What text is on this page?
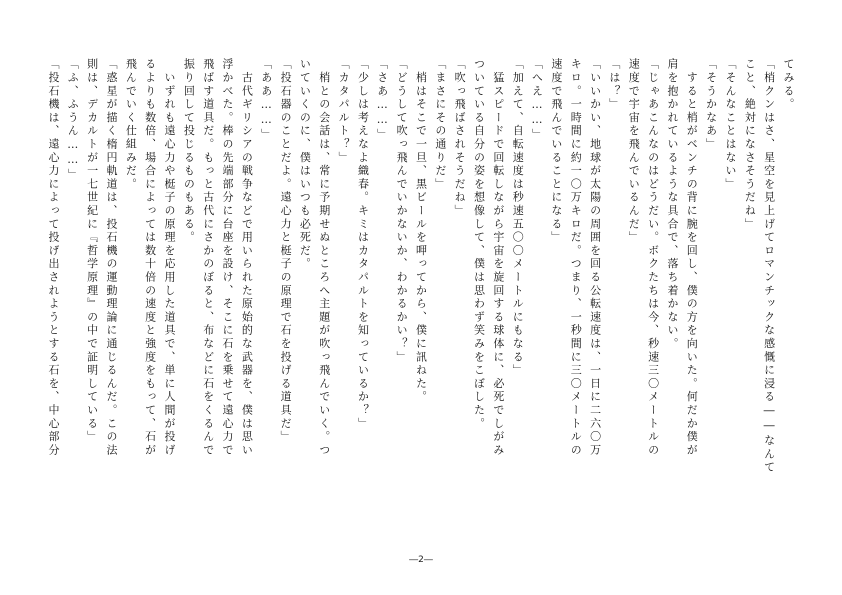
てみる。
「梢クンはさ、星空を見上げてロマンチックな感慨に浸る――なんて
こと、絶対になさそうだね」
「そんなことはない」
「そうかなあ」
　すると梢がベンチの背に腕を回し、僕の方を向いた。何だか僕が
肩を抱かれているような具合で、落ち着かない。
「じゃあこんなのはどうだい。ボクたちは今、秒速三〇メートルの
速度で宇宙を飛んでいるんだ」
「は？」
「いいかい、地球が太陽の周囲を回る公転速度は、一日に二六〇万
キロ。一時間に約一〇万キロだ。つまり、一秒間に三〇メートルの
速度で飛んでいることになる」
「へえ……」
「加えて、自転速度は秒速五〇〇メートルにもなる」
　猛スピードで回転しながら宇宙を旋回する球体に、必死でしがみ
ついている自分の姿を想像して、僕は思わず笑みをこぼした。
「吹っ飛ばされそうだね」
「まさにその通りだ」
　梢はそこで一旦、黒ビールを呷ってから、僕に訊ねた。
「どうして吹っ飛んでいかないか、わかるかい？」
「さあ……」
「少しは考えなよ織春。キミはカタパルトを知っているか？」
「カタパルト？」
　梢との会話は、常に予期せぬところへ主題が吹っ飛んでいく。つ
いていくのに、僕はいつも必死だ。
「投石器のことだよ。遠心力と梃子の原理で石を投げる道具だ」
「ああ……」
　古代ギリシアの戦争などで用いられた原始的な武器を、僕は思い
浮かべた。棒の先端部分に台座を設け、そこに石を乗せて遠心力で
飛ばす道具だ。もっと古代にさかのぼると、布などに石をくるんで
振り回して投じるものもある。
　いずれも遠心力や梃子の原理を応用した道具で、単に人間が投げ
るよりも数倍、場合によっては数十倍の速度と強度をもって、石が
飛んでいく仕組みだ。
「惑星が描く楕円軌道は、投石機の運動理論に通じるんだ。この法
則は、デカルトが一七世紀に『哲学原理』の中で証明している」
「ふ、ふうん……」
「投石機は、遠心力によって投げ出されようとする石を、中心部分
―2―
